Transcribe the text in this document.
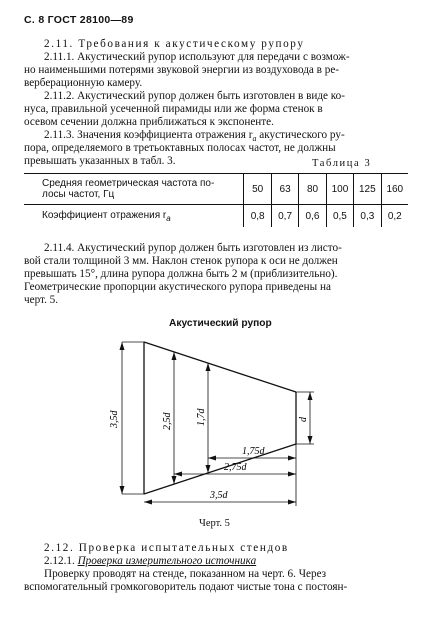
С. 8 ГОСТ 28100—89
2.11. Требования к акустическому рупору
2.11.1. Акустический рупор используют для передачи с возмож-
но наименьшими потерями звуковой энергии из воздуховода в ре-
верберационную камеру.
2.11.2. Акустический рупор должен быть изготовлен в виде ко-
нуса, правильной усеченной пирамиды или же форма стенок в
осевом сечении должна приближаться к экспоненте.
2.11.3. Значения коэффициента отражения $r_a$ акустического ру-
пора, определяемого в третьоктавных полосах частот, не должны
превышать указанных в табл. 3.	Таблица 3
Средняя геометрическая частота по-
лосы частот, Гц	50	63	80	100	125	160
Коэффициент отражения $r_a$	0,8	0,7	0,6	0,5	0,3	0,2
2.11.4. Акустический рупор должен быть изготовлен из листо-
вой стали толщиной 3 мм. Наклон стенок рупора к оси не должен
превышать 15°, длина рупора должна быть 2 м (приблизительно).
Геометрические пропорции акустического рупора приведены на
черт. 5.
Акустический рупор
3,5d	2,5d 1,7d	d
1,75d
2,75d
3,5d
Черт. 5
2.12. Проверка испытательных стендов
2.12.1. Проверка измерительного источника
Проверку проводят на стенде, показанном на черт. 6. Через
вспомогательный громкоговоритель подают чистые тона с постоян-
